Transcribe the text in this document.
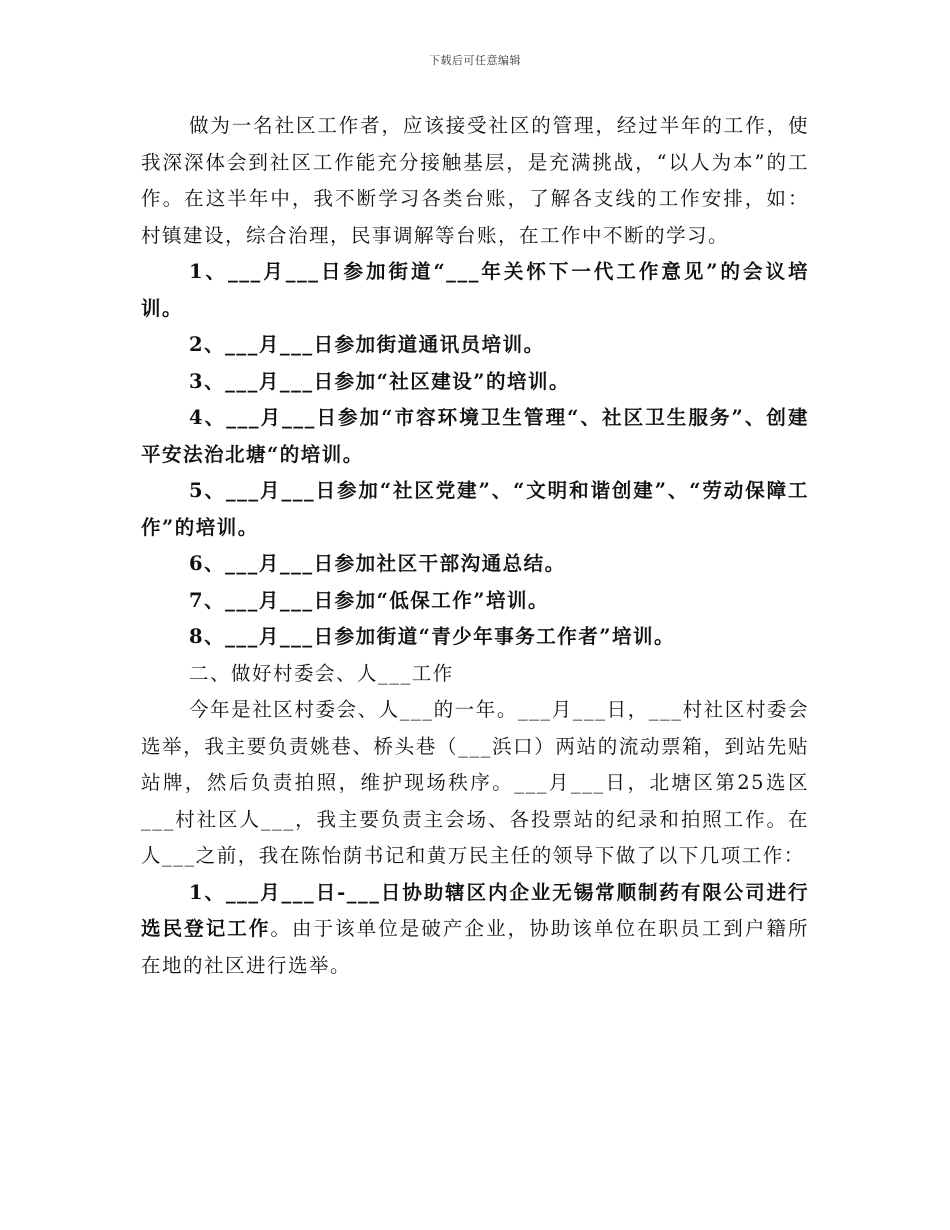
下载后可任意编辑

做为一名社区工作者，应该接受社区的管理，经过半年的工作，使我深深体会到社区工作能充分接触基层，是充满挑战，“以人为本”的工作。在这半年中，我不断学习各类台账，了解各支线的工作安排，如：村镇建设，综合治理，民事调解等台账，在工作中不断的学习。

1、___月___日参加街道“___年关怀下一代工作意见”的会议培训。

2、___月___日参加街道通讯员培训。

3、___月___日参加“社区建设”的培训。

4、___月___日参加“市容环境卫生管理“、社区卫生服务”、创建平安法治北塘“的培训。

5、___月___日参加“社区党建”、“文明和谐创建”、“劳动保障工作”的培训。

6、___月___日参加社区干部沟通总结。

7、___月___日参加“低保工作”培训。

8、___月___日参加街道“青少年事务工作者”培训。

二、做好村委会、人___工作

今年是社区村委会、人___的一年。___月___日，___村社区村委会选举，我主要负责姚巷、桥头巷（___浜口）两站的流动票箱，到站先贴站牌，然后负责拍照，维护现场秩序。___月___日，北塘区第25选区___村社区人___，我主要负责主会场、各投票站的纪录和拍照工作。在人___之前，我在陈怡荫书记和黄万民主任的领导下做了以下几项工作：

1、___月___日-___日协助辖区内企业无锡常顺制药有限公司进行选民登记工作。由于该单位是破产企业，协助该单位在职员工到户籍所在地的社区进行选举。
